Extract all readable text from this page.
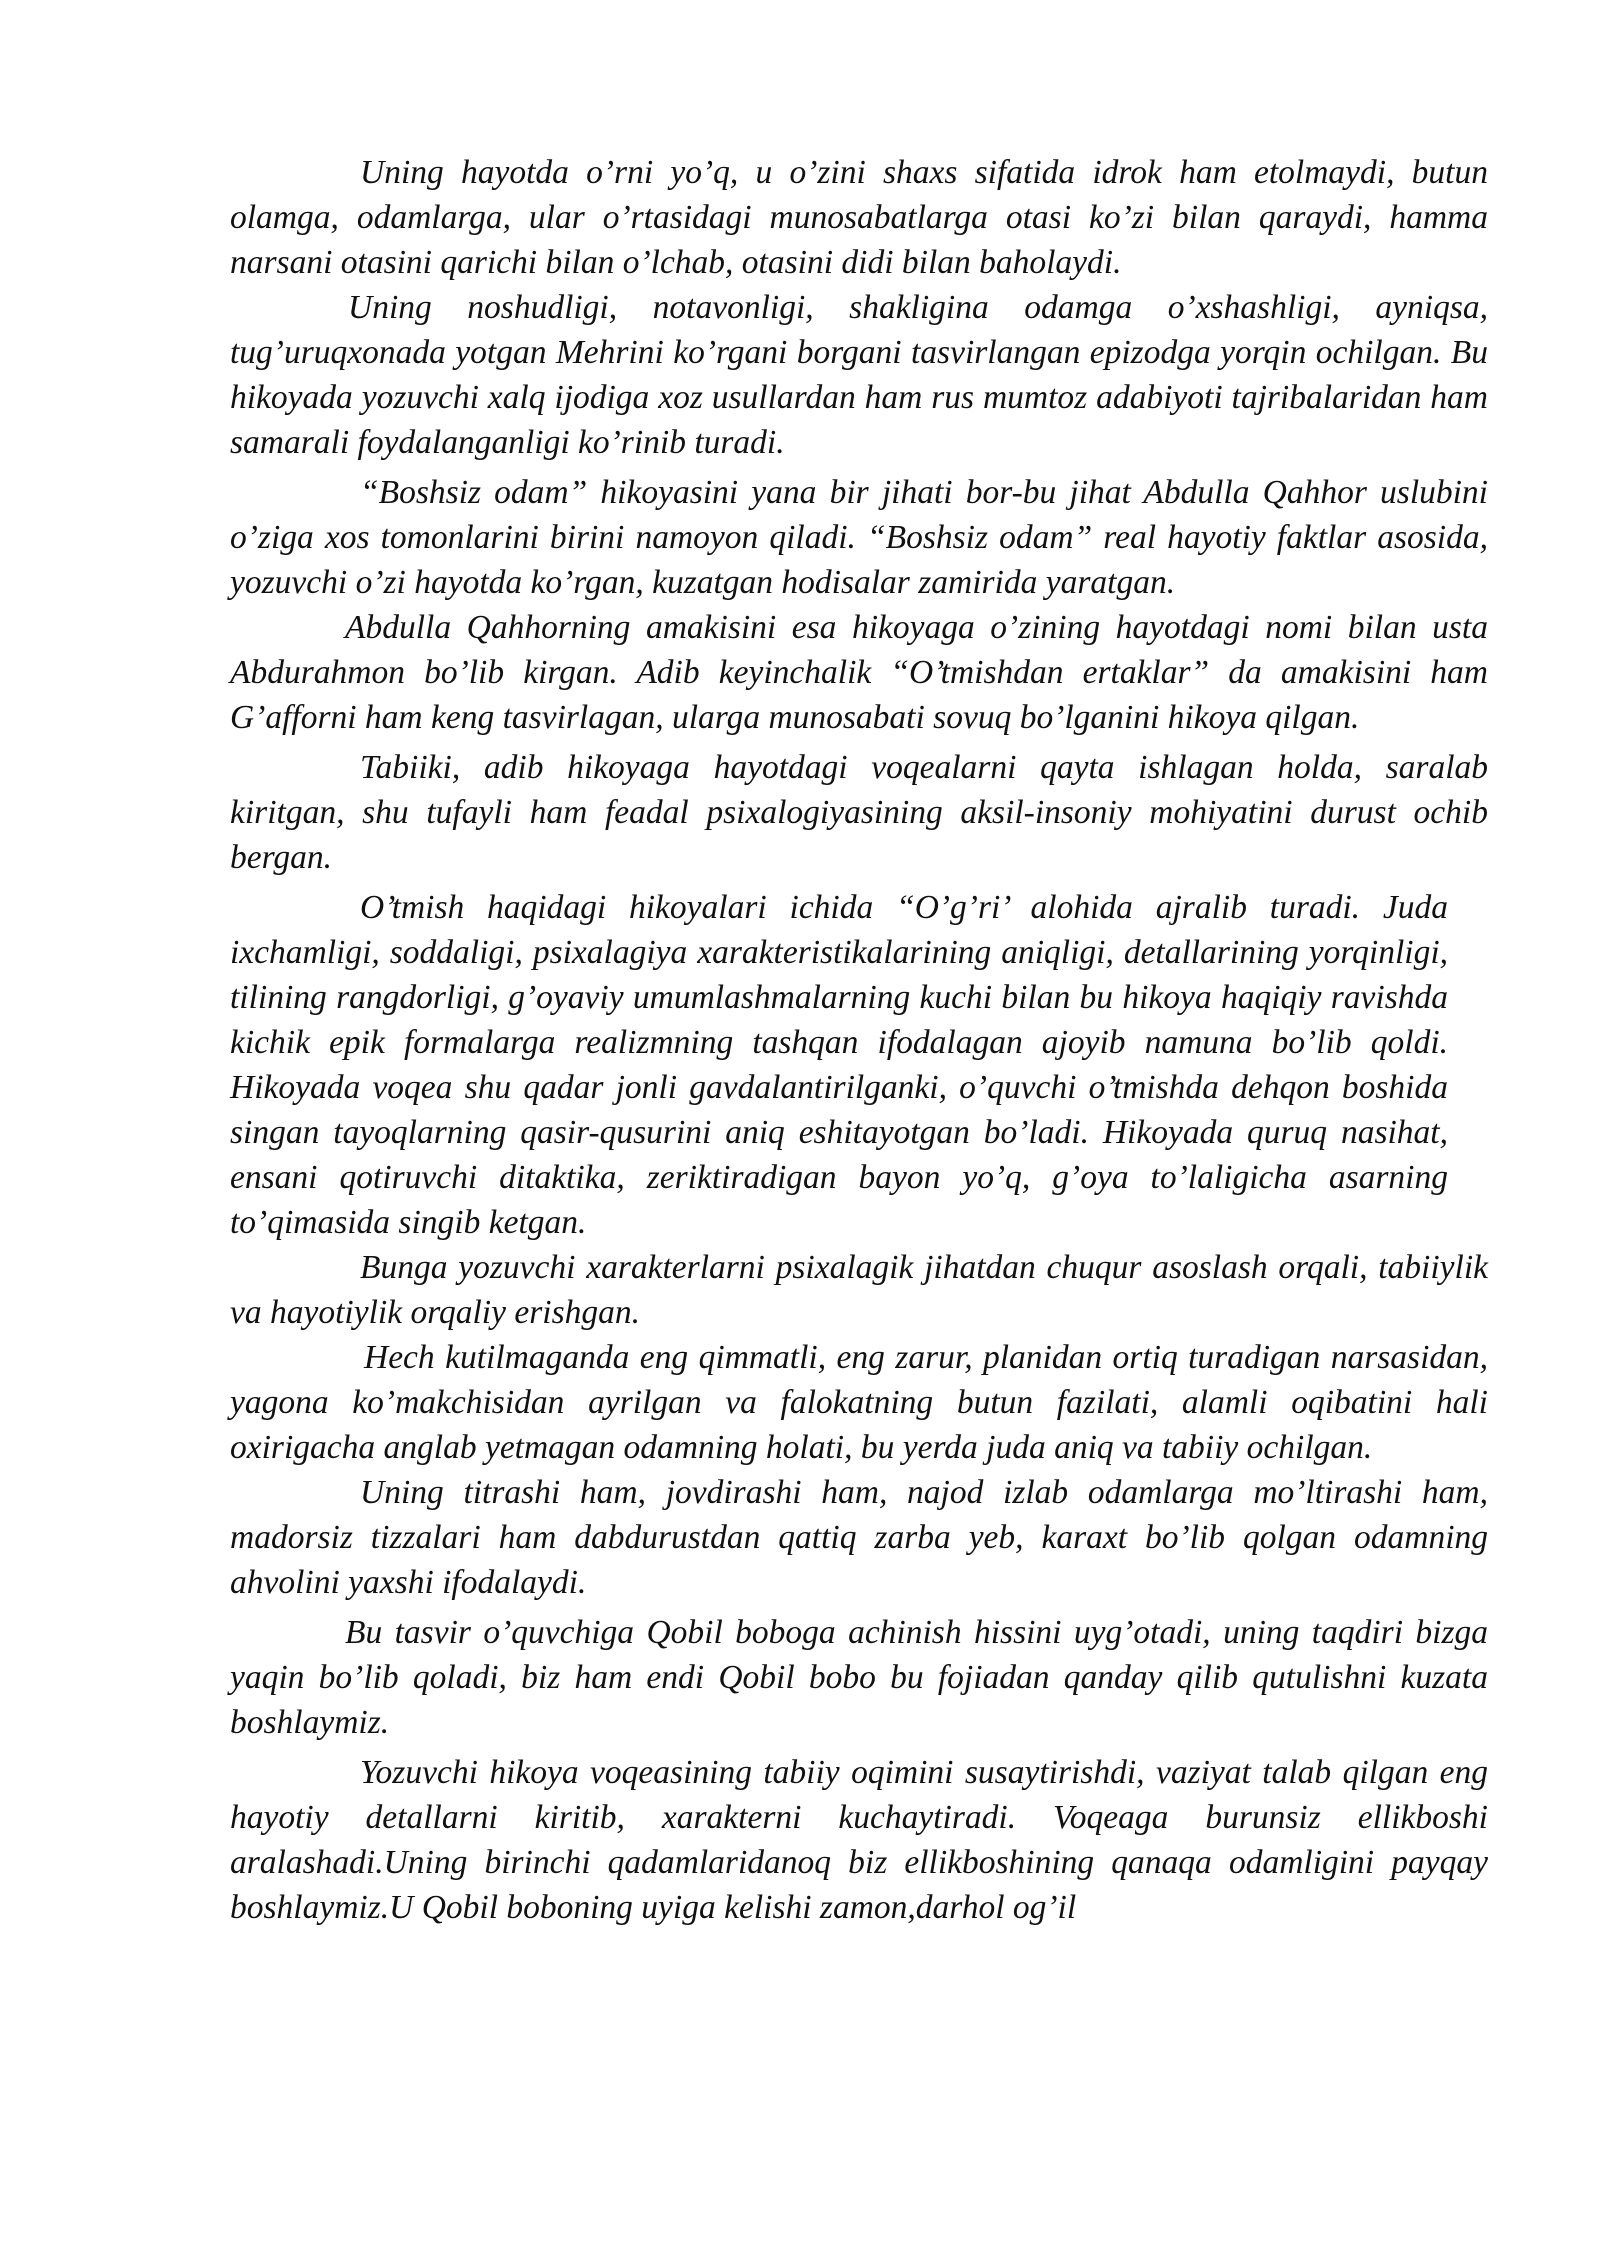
Uning hayotda o’rni yo’q, u o’zini shaxs sifatida idrok ham etolmaydi, butun olamga, odamlarga, ular o’rtasidagi munosabatlarga otasi ko’zi bilan qaraydi, hamma narsani otasini qarichi bilan o’lchab, otasini didi bilan baholaydi.

Uning noshudligi, notavonligi, shakligina odamga o’xshashligi, ayniqsa, tug’uruqxonada yotgan Mehrini ko’rgani borgani tasvirlangan epizodga yorqin ochilgan. Bu hikoyada yozuvchi xalq ijodiga xoz usullardan ham rus mumtoz adabiyoti tajribalaridan ham samarali foydalanganligi ko’rinib turadi.

“Boshsiz odam” hikoyasini yana bir jihati bor-bu jihat Abdulla Qahhor uslubini o’ziga xos tomonlarini birini namoyon qiladi. “Boshsiz odam” real hayotiy faktlar asosida, yozuvchi o’zi hayotda ko’rgan, kuzatgan hodisalar zamirida yaratgan.

Abdulla Qahhorning amakisini esa hikoyaga o’zining hayotdagi nomi bilan usta Abdurahmon bo’lib kirgan. Adib keyinchalik “O’tmishdan ertaklar” da amakisini ham G’afforni ham keng tasvirlagan, ularga munosabati sovuq bo’lganini hikoya qilgan.

Tabiiki, adib hikoyaga hayotdagi voqealarni qayta ishlagan holda, saralab kiritgan, shu tufayli ham feadal psixalogiyasining aksil-insoniy mohiyatini durust ochib bergan.

O’tmish haqidagi hikoyalari ichida “O’g’ri’ alohida ajralib turadi. Juda ixchamligi, soddaligi, psixalagiya xarakteristikalarining aniqligi, detallarining yorqinligi, tilining rangdorligi, g’oyaviy umumlashmalarning kuchi bilan bu hikoya haqiqiy ravishda kichik epik formalarga realizmning tashqan ifodalagan ajoyib namuna bo’lib qoldi. Hikoyada voqea shu qadar jonli gavdalantirilganki, o’quvchi o’tmishda dehqon boshida singan tayoqlarning qasir-qusurini aniq eshitayotgan bo’ladi. Hikoyada quruq nasihat, ensani qotiruvchi ditaktika, zeriktiradigan bayon yo’q, g’oya to’laligicha asarning to’qimasida singib ketgan.

Bunga yozuvchi xarakterlarni psixalagik jihatdan chuqur asoslash orqali, tabiiylik va hayotiylik orqaliy erishgan.

Hech kutilmaganda eng qimmatli, eng zarur, planidan ortiq turadigan narsasidan, yagona ko’makchisidan ayrilgan va falokatning butun fazilati, alamli oqibatini hali oxirigacha anglab yetmagan odamning holati, bu yerda juda aniq va tabiiy ochilgan.

Uning titrashi ham, jovdirashi ham, najod izlab odamlarga mo’ltirashi ham, madorsiz tizzalari ham dabdurustdan qattiq zarba yeb, karaxt bo’lib qolgan odamning ahvolini yaxshi ifodalaydi.

Bu tasvir o’quvchiga Qobil boboga achinish hissini uyg’otadi, uning taqdiri bizga yaqin bo’lib qoladi, biz ham endi Qobil bobo bu fojiadan qanday qilib qutulishni kuzata boshlaymiz.

Yozuvchi hikoya voqeasining tabiiy oqimini susaytirishdi, vaziyat talab qilgan eng hayotiy detallarni kiritib, xarakterni kuchaytiradi. Voqeaga burunsiz ellikboshi aralashadi.Uning birinchi qadamlaridanoq biz ellikboshining qanaqa odamligini payqay boshlaymiz.U Qobil boboning uyiga kelishi zamon,darhol og’il
